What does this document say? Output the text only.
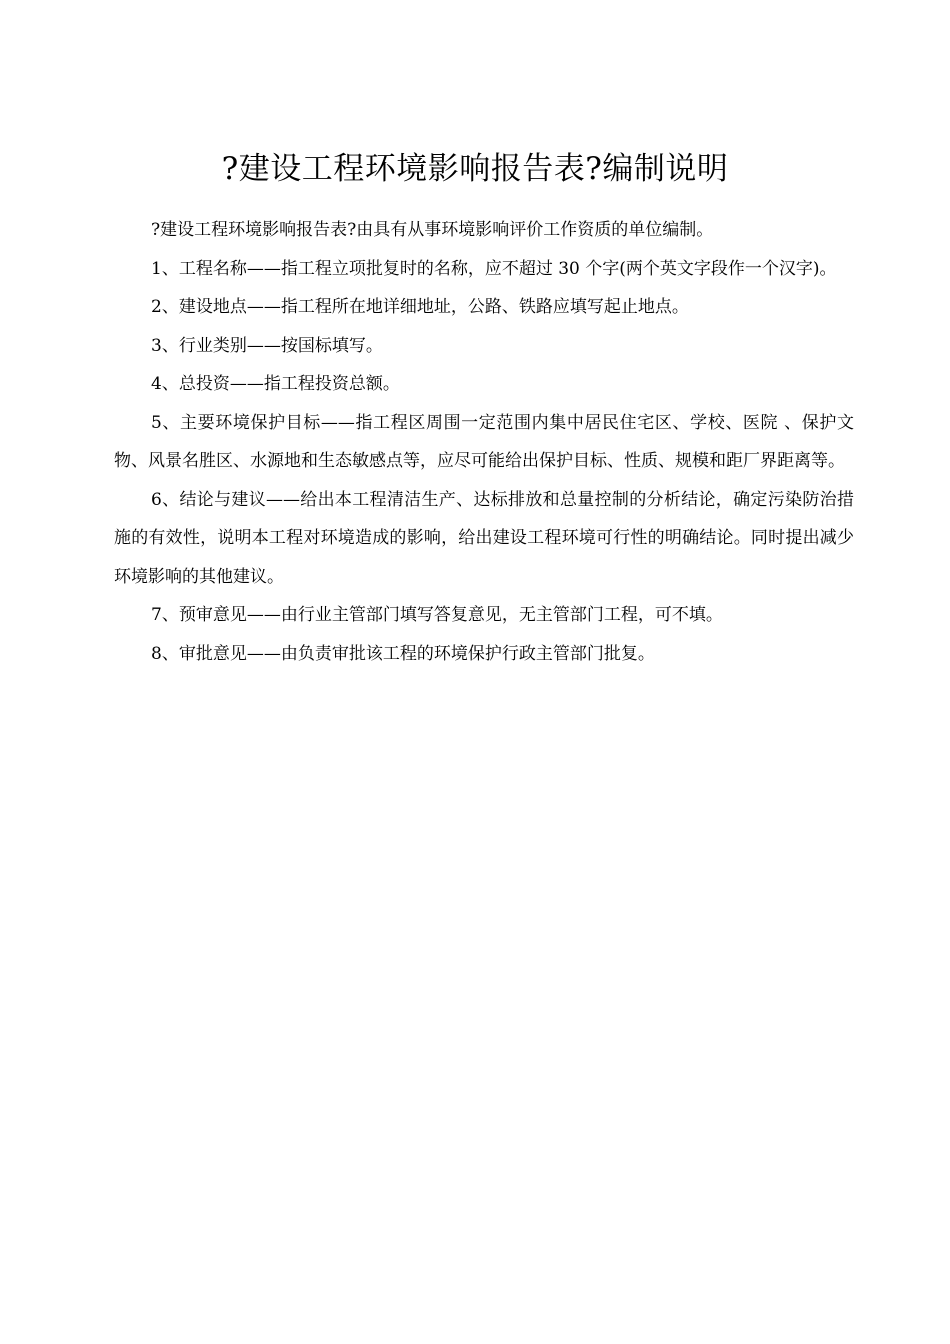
?建设工程环境影响报告表?编制说明

?建设工程环境影响报告表?由具有从事环境影响评价工作资质的单位编制。

1、工程名称——指工程立项批复时的名称，应不超过 30 个字(两个英文字段作一个汉字)。

2、建设地点——指工程所在地详细地址，公路、铁路应填写起止地点。

3、行业类别——按国标填写。

4、总投资——指工程投资总额。

5、主要环境保护目标——指工程区周围一定范围内集中居民住宅区、学校、医院 、保护文物、风景名胜区、水源地和生态敏感点等，应尽可能给出保护目标、性质、规模和距厂界距离等。

6、结论与建议——给出本工程清洁生产、达标排放和总量控制的分析结论，确定污染防治措施的有效性，说明本工程对环境造成的影响，给出建设工程环境可行性的明确结论。同时提出减少环境影响的其他建议。

7、预审意见——由行业主管部门填写答复意见，无主管部门工程，可不填。

8、审批意见——由负责审批该工程的环境保护行政主管部门批复。
